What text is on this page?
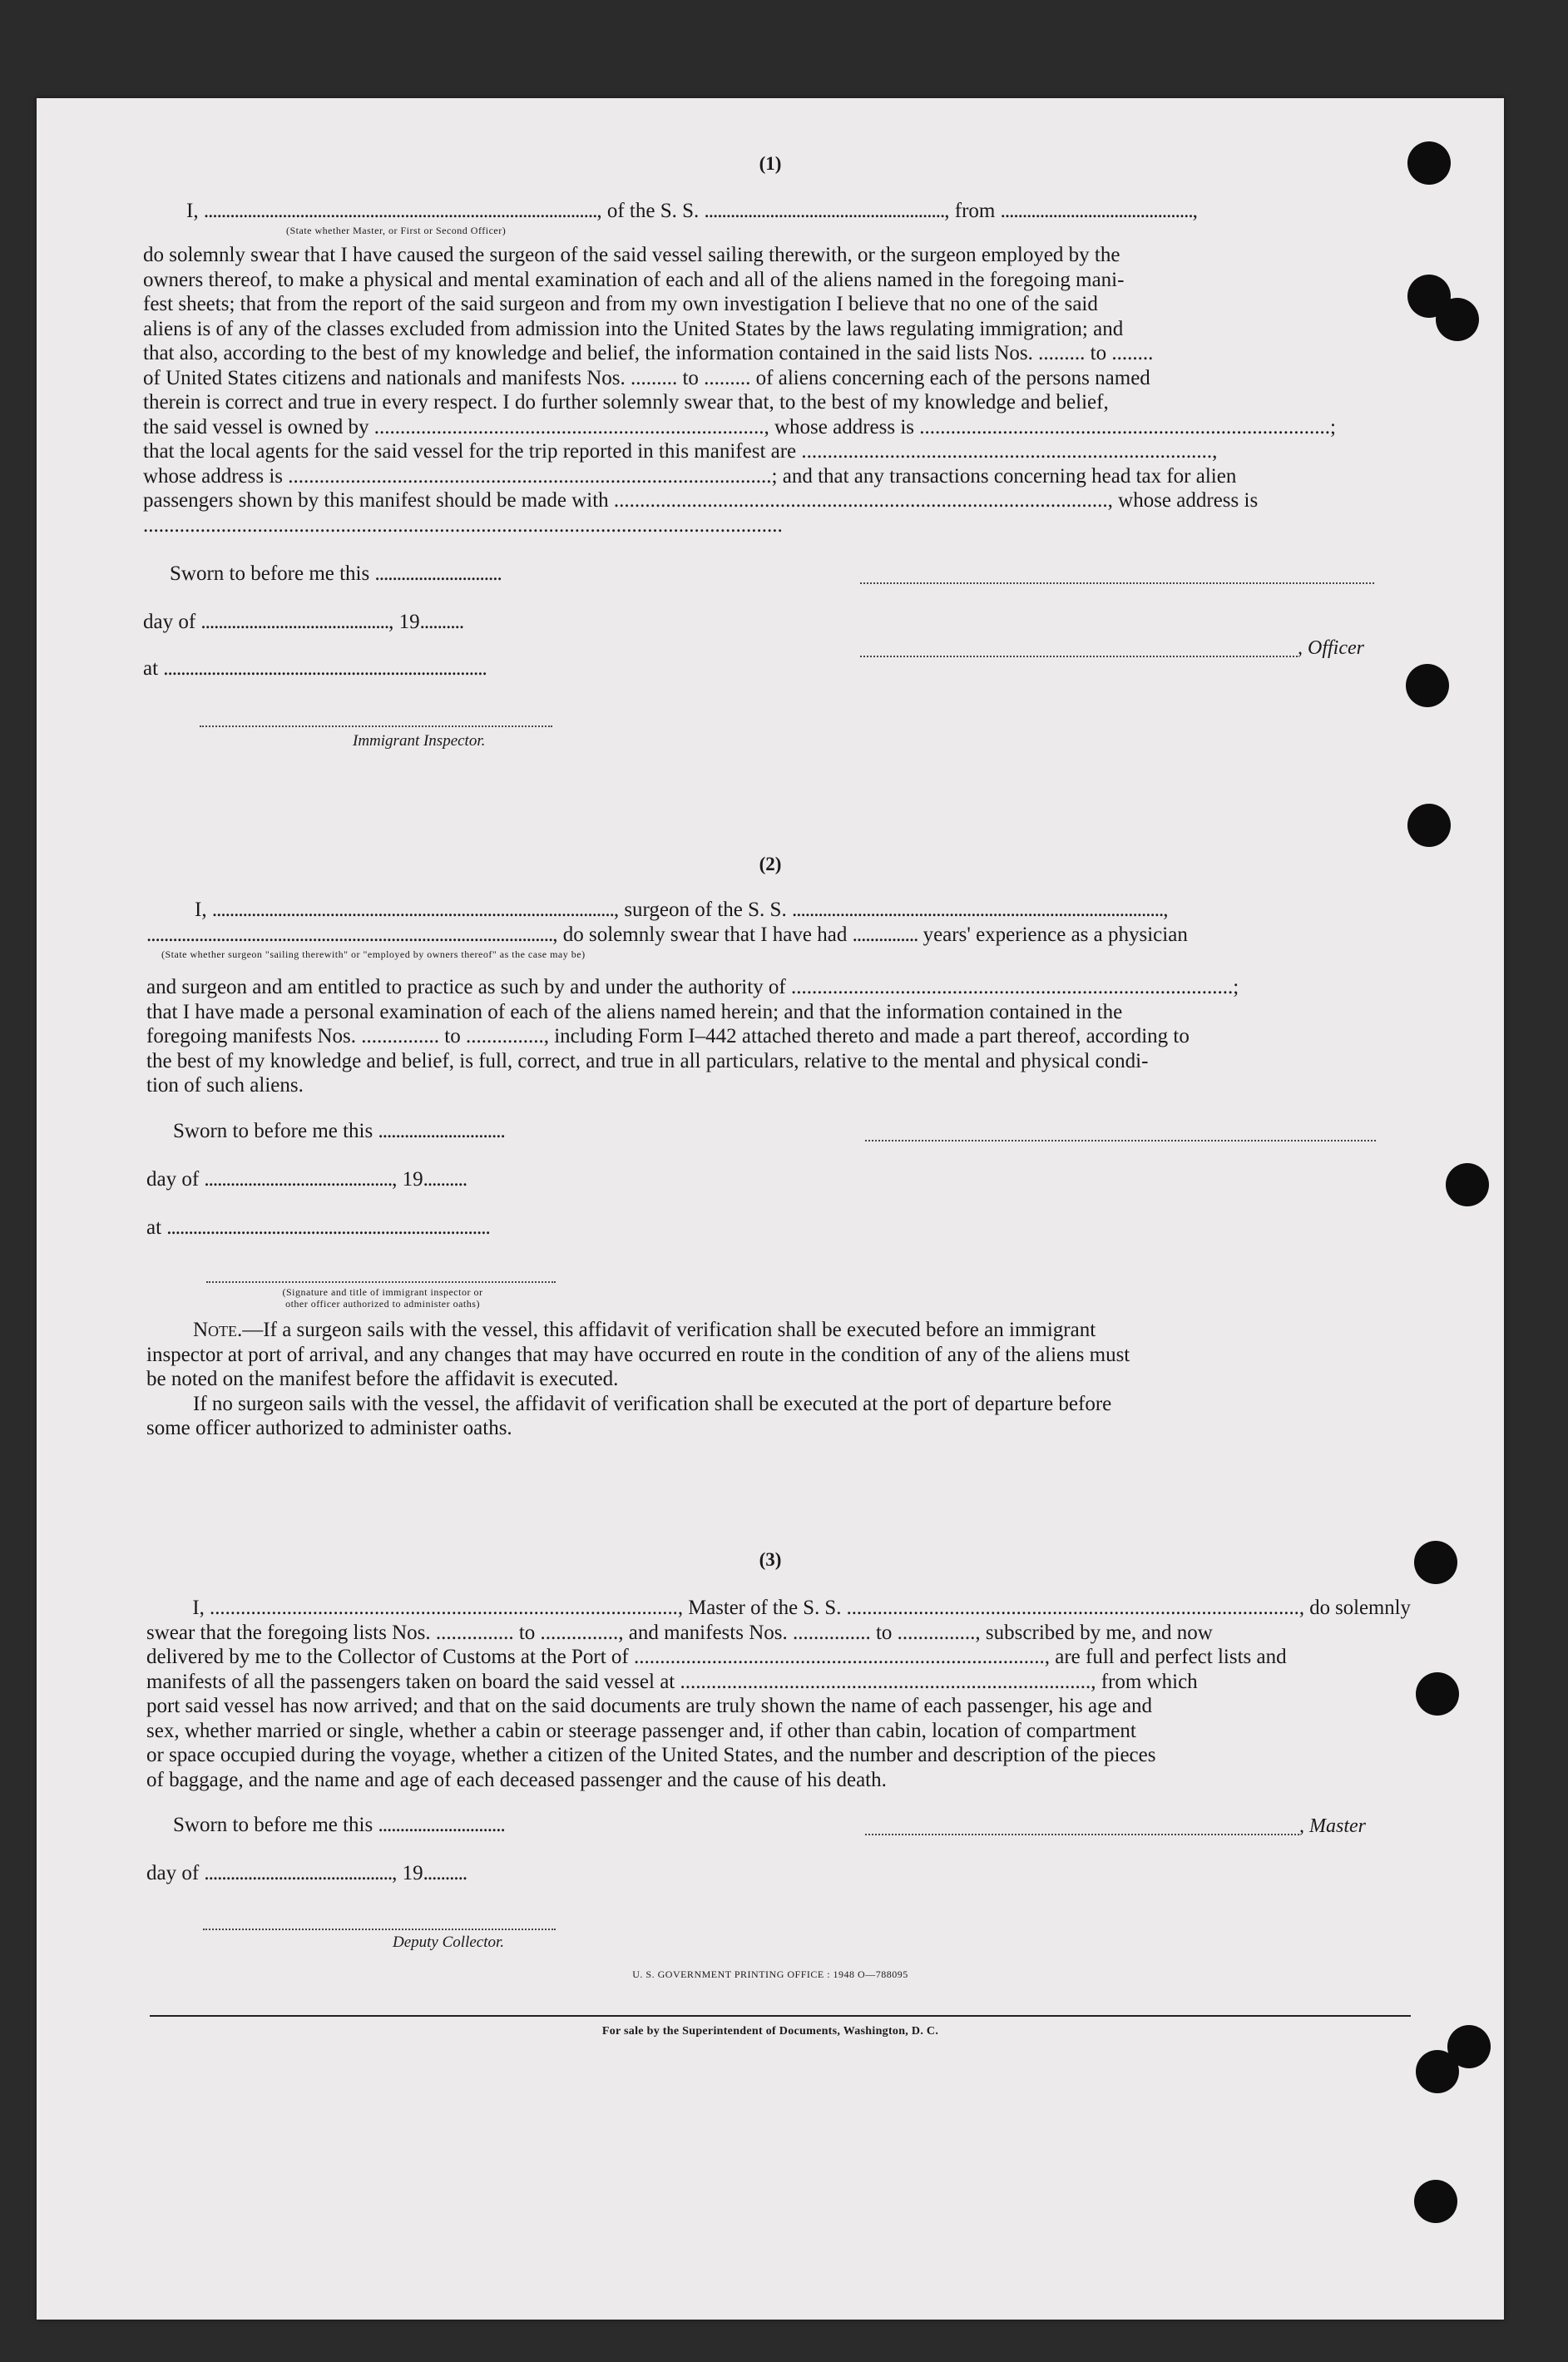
(1)
I, .........................................................................................., of the S. S. ......................................................., from ............................................,
(State whether Master, or First or Second Officer)
do solemnly swear that I have caused the surgeon of the said vessel sailing therewith, or the surgeon employed by the
owners thereof, to make a physical and mental examination of each and all of the aliens named in the foregoing mani-
fest sheets; that from the report of the said surgeon and from my own investigation I believe that no one of the said
aliens is of any of the classes excluded from admission into the United States by the laws regulating immigration; and
that also, according to the best of my knowledge and belief, the information contained in the said lists Nos. ......... to ........
of United States citizens and nationals and manifests Nos. ......... to ......... of aliens concerning each of the persons named
therein is correct and true in every respect. I do further solemnly swear that, to the best of my knowledge and belief,
the said vessel is owned by ..........................................................................., whose address is ...............................................................................;
that the local agents for the said vessel for the trip reported in this manifest are ...............................................................................,
whose address is .............................................................................................; and that any transactions concerning head tax for alien
passengers shown by this manifest should be made with ..............................................................................................., whose address is
...........................................................................................................................
Sworn to before me this .............................
day of ..........................................., 19..........
, Officer
at ..........................................................................
Immigrant Inspector.
(2)
I, ............................................................................................, surgeon of the S. S. .....................................................................................,
............................................................................................., do solemnly swear that I have had ............... years' experience as a physician
(State whether surgeon "sailing therewith" or "employed by owners thereof" as the case may be)
and surgeon and am entitled to practice as such by and under the authority of .....................................................................................;
that I have made a personal examination of each of the aliens named herein; and that the information contained in the
foregoing manifests Nos. ............... to ..............., including Form I–442 attached thereto and made a part thereof, according to
the best of my knowledge and belief, is full, correct, and true in all particulars, relative to the mental and physical condi-
tion of such aliens.
Sworn to before me this .............................
day of ..........................................., 19..........
at ..........................................................................
(Signature and title of immigrant inspector or
other officer authorized to administer oaths)
Note.—If a surgeon sails with the vessel, this affidavit of verification shall be executed before an immigrant
inspector at port of arrival, and any changes that may have occurred en route in the condition of any of the aliens must
be noted on the manifest before the affidavit is executed.
If no surgeon sails with the vessel, the affidavit of verification shall be executed at the port of departure before
some officer authorized to administer oaths.
(3)
I, ..........................................................................................., Master of the S. S. ........................................................................................, do solemnly
swear that the foregoing lists Nos. ............... to ..............., and manifests Nos. ............... to ..............., subscribed by me, and now
delivered by me to the Collector of Customs at the Port of ..............................................................................., are full and perfect lists and
manifests of all the passengers taken on board the said vessel at ..............................................................................., from which
port said vessel has now arrived; and that on the said documents are truly shown the name of each passenger, his age and
sex, whether married or single, whether a cabin or steerage passenger and, if other than cabin, location of compartment
or space occupied during the voyage, whether a citizen of the United States, and the number and description of the pieces
of baggage, and the name and age of each deceased passenger and the cause of his death.
Sworn to before me this .............................	, Master
day of ..........................................., 19..........
Deputy Collector.
U. S. GOVERNMENT PRINTING OFFICE : 1948 O—788095
For sale by the Superintendent of Documents, Washington, D. C.
